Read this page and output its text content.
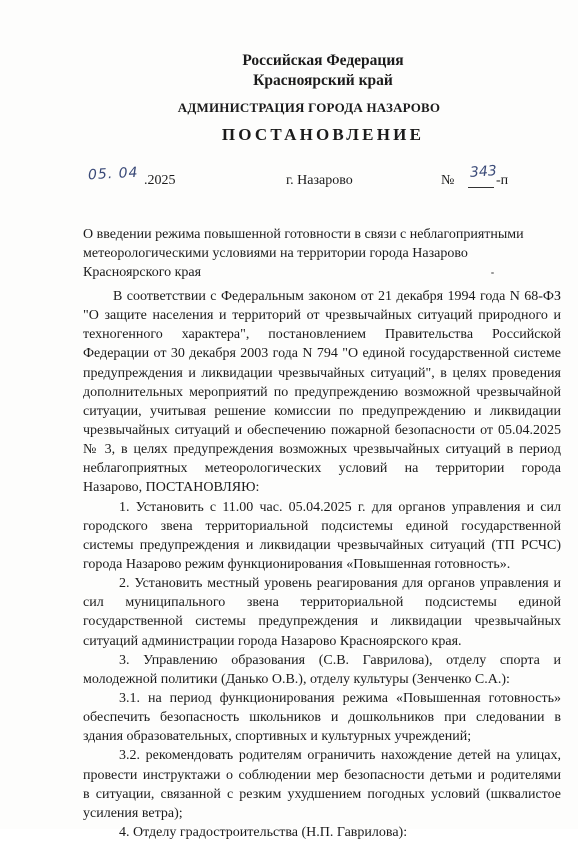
Российская Федерация
Красноярский край
АДМИНИСТРАЦИЯ ГОРОДА НАЗАРОВО
ПОСТАНОВЛЕНИЕ
05. 04 .2025	г. Назарово	№ 343
-п
О введении режима повышенной готовности в связи с неблагоприятными
метеорологическими условиями на территории города Назарово
Красноярского края
В соответствии с Федеральным законом от 21 декабря 1994 года N 68-ФЗ
"О защите населения и территорий от чрезвычайных ситуаций природного и
техногенного характера", постановлением Правительства Российской
Федерации от 30 декабря 2003 года N 794 "О единой государственной системе
предупреждения и ликвидации чрезвычайных ситуаций", в целях проведения
дополнительных мероприятий по предупреждению возможной чрезвычайной
ситуации, учитывая решение комиссии по предупреждению и ликвидации
чрезвычайных ситуаций и обеспечению пожарной безопасности от 05.04.2025
№ 3, в целях предупреждения возможных чрезвычайных ситуаций в период
неблагоприятных метеорологических условий на территории города
Назарово, ПОСТАНОВЛЯЮ:
1. Установить с 11.00 час. 05.04.2025 г. для органов управления и сил
городского звена территориальной подсистемы единой государственной
системы предупреждения и ликвидации чрезвычайных ситуаций (ТП РСЧС)
города Назарово режим функционирования «Повышенная готовность».
2. Установить местный уровень реагирования для органов управления и
сил муниципального звена территориальной подсистемы единой
государственной системы предупреждения и ликвидации чрезвычайных
ситуаций администрации города Назарово Красноярского края.
3. Управлению образования (С.В. Гаврилова), отделу спорта и
молодежной политики (Данько О.В.), отделу культуры (Зенченко С.А.):
3.1. на период функционирования режима «Повышенная готовность»
обеспечить безопасность школьников и дошкольников при следовании в
здания образовательных, спортивных и культурных учреждений;
3.2. рекомендовать родителям ограничить нахождение детей на улицах,
провести инструктажи о соблюдении мер безопасности детьми и родителями
в ситуации, связанной с резким ухудшением погодных условий (шквалистое
усиления ветра);
4. Отделу градостроительства (Н.П. Гаврилова):
